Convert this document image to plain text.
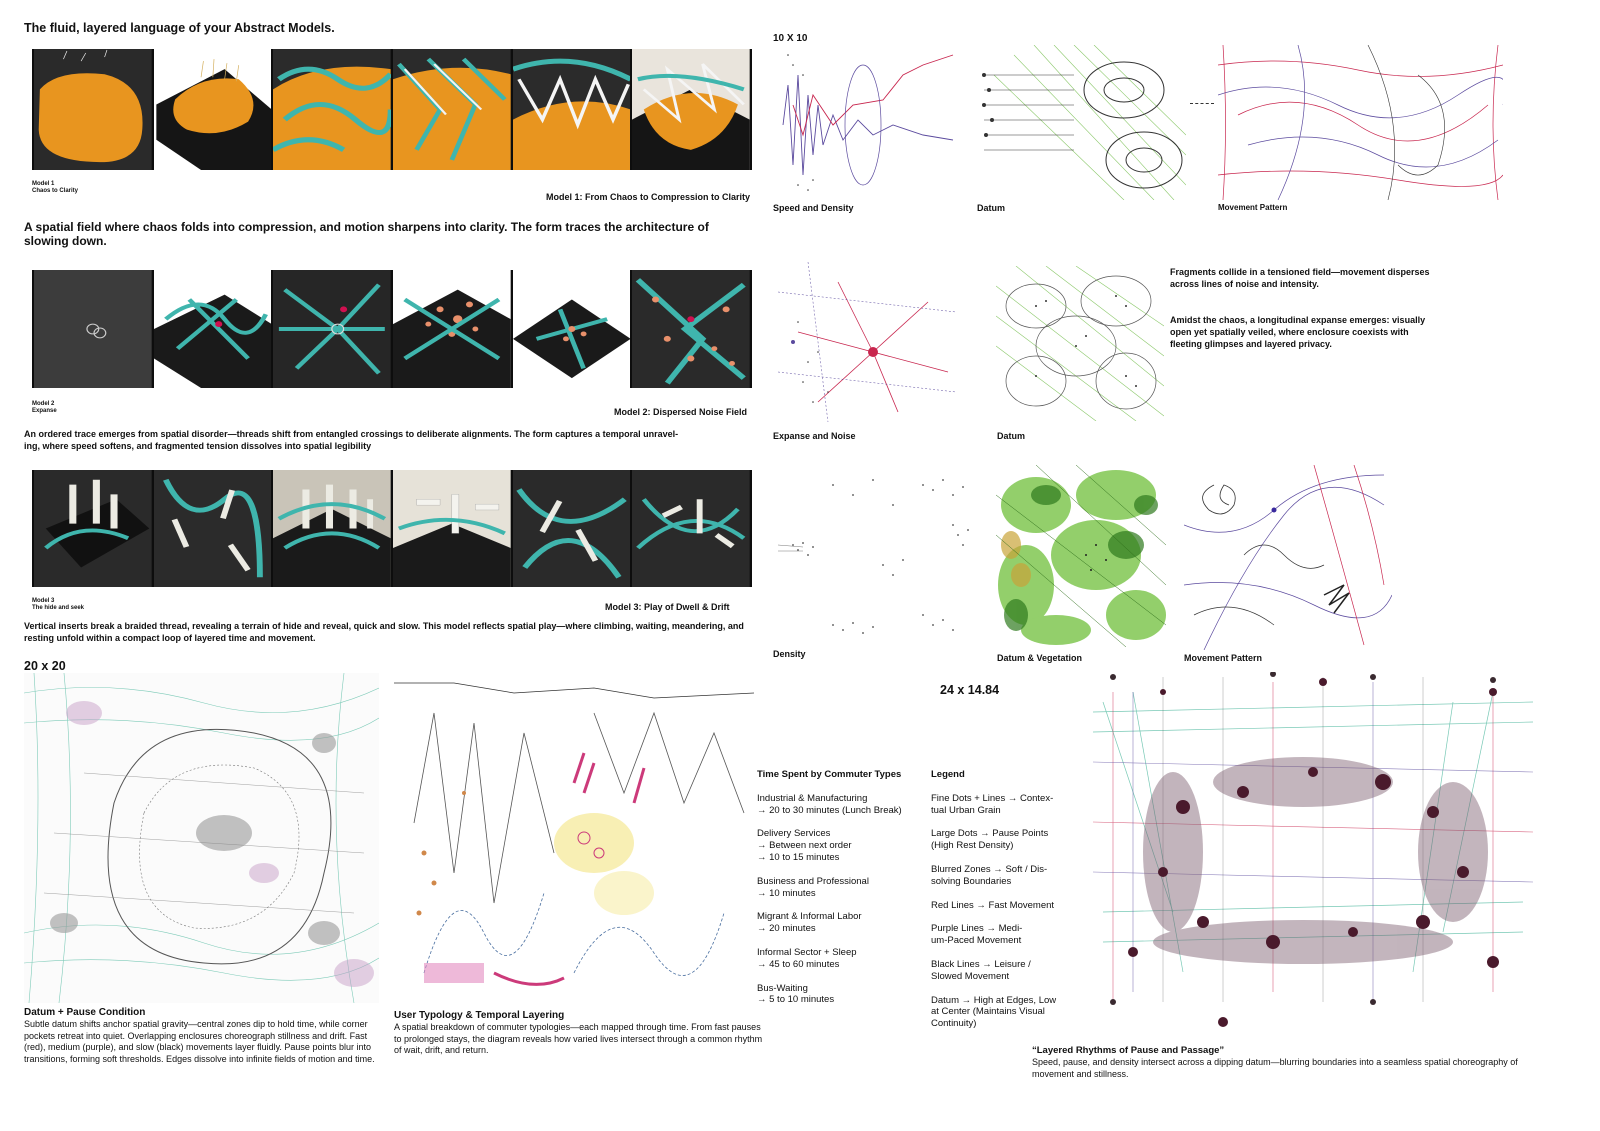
The fluid, layered language of your Abstract Models.
Model 1
Chaos to Clarity
Model 1: From Chaos to Compression to Clarity
A spatial field where chaos folds into compression, and motion sharpens into clarity. The form traces the architecture of slowing down.
Model 2
Expanse	Model 2: Dispersed Noise Field
An ordered trace emerges from spatial disorder—threads shift from entangled crossings to deliberate alignments. The form captures a temporal unravel-
ing, where speed softens, and fragmented tension dissolves into spatial legibility
Model 3
The hide and seek	Model 3: Play of Dwell & Drift
Vertical inserts break a braided thread, revealing a terrain of hide and reveal, quick and slow. This model reflects spatial play—where climbing, waiting, meandering, and resting unfold within a compact loop of layered time and movement.
20 x 20
Datum + Pause Condition
Subtle datum shifts anchor spatial gravity—central zones dip to hold time, while corner pockets retreat into quiet. Overlapping enclosures choreograph stillness and drift. Fast (red), medium (purple), and slow (black) movements layer fluidly. Pause points blur into transitions, forming soft thresholds. Edges dissolve into infinite fields of motion and time.
User Typology & Temporal Layering
A spatial breakdown of commuter typologies—each mapped through time. From fast pauses to prolonged stays, the diagram reveals how varied lives intersect through a common rhythm of wait, drift, and return.
Time Spent by Commuter Types
Industrial & Manufacturing
→ 20 to 30 minutes (Lunch Break)
Delivery Services
→ Between next order
→ 10 to 15 minutes
Business and Professional
→ 10 minutes
Migrant & Informal Labor
→ 20 minutes
Informal Sector + Sleep
→ 45 to 60 minutes
Bus-Waiting
→ 5 to 10 minutes
Legend
Fine Dots + Lines → Contex-
tual Urban Grain
Large Dots → Pause Points
(High Rest Density)
Blurred Zones → Soft / Dis-
solving Boundaries
Red Lines → Fast Movement
Purple Lines → Medi-
um-Paced Movement
Black Lines → Leisure /
Slowed Movement
Datum → High at Edges, Low
at Center (Maintains Visual
Continuity)
10 X 10
Speed and Density	Datum	Movement Pattern
Expanse and Noise	Datum
Fragments collide in a tensioned field—movement disperses across lines of noise and intensity.
Amidst the chaos, a longitudinal expanse emerges: visually open yet spatially veiled, where enclosure coexists with fleeting glimpses and layered privacy.
Density	Datum & Vegetation	Movement Pattern
24 x 14.84
“Layered Rhythms of Pause and Passage”
Speed, pause, and density intersect across a dipping datum—blurring boundaries into a seamless spatial choreography of movement and stillness.
